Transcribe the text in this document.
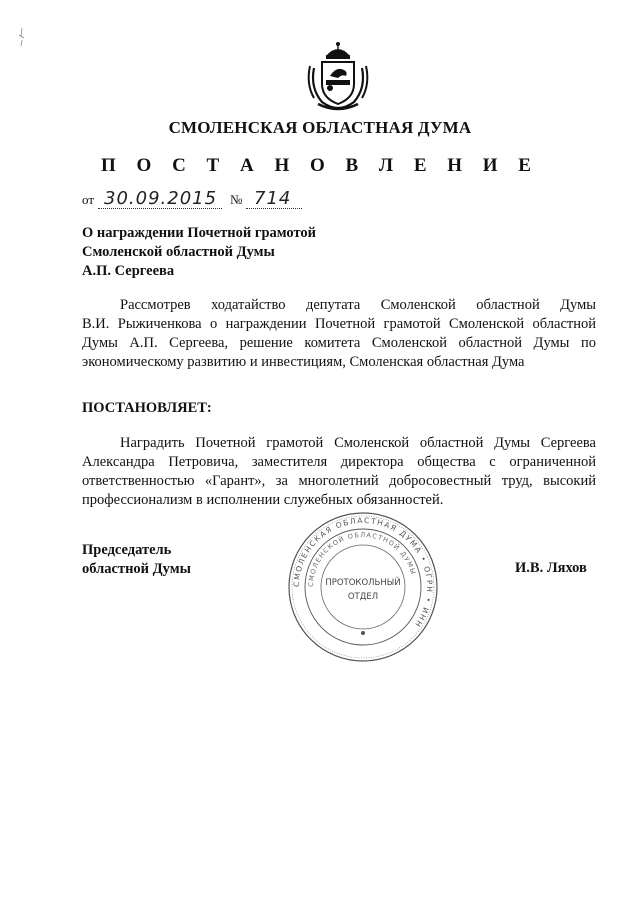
СМОЛЕНСКАЯ ОБЛАСТНАЯ ДУМА
П О С Т А Н О В Л Е Н И Е
от 30.09.2015 № 714
О награждении Почетной грамотой
Смоленской областной Думы
А.П. Сергеева
Рассмотрев ходатайство депутата Смоленской областной Думы
В.И. Рыжиченкова о награждении Почетной грамотой Смоленской областной
Думы А.П. Сергеева, решение комитета Смоленской областной Думы по
экономическому развитию и инвестициям, Смоленская областная Дума
ПОСТАНОВЛЯЕТ:
Наградить Почетной грамотой Смоленской областной Думы Сергеева
Александра Петровича, заместителя директора общества с ограниченной
ответственностью «Гарант», за многолетний добросовестный труд, высокий
профессионализм в исполнении служебных обязанностей.
Председатель
областной Думы
СМОЛЕНСКАЯ ОБЛАСТНАЯ ДУМА • ОГРН • ИНН
СМОЛЕНСКОЙ ОБЛАСТНОЙ ДУМЫ
ПРОТОКОЛЬНЫЙ
ОТДЕЛ
И.В. Ляхов
